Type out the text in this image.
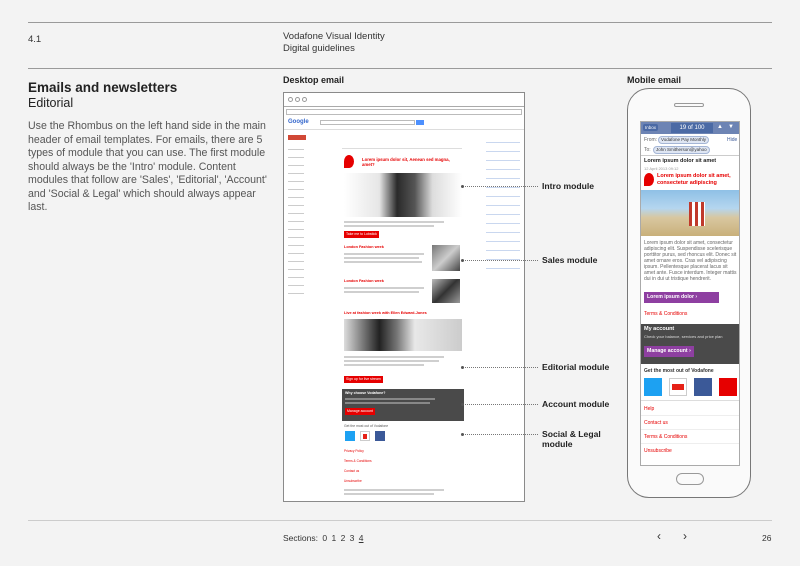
4.1	Vodafone Visual Identity
Digital guidelines
Emails and newsletters
Editorial

Use the Rhombus on the left hand side in the main header of email templates. For emails, there are 5 types of module that you can use. The first module should always be the 'Intro' module. Content modules that follow are 'Sales', 'Editorial', 'Account' and 'Social & Legal' which should always appear last.

Desktop email	Mobile email
Google
Lorem ipsum dolor sit, Aenean sed magna, amet?
Take me to Lobstick
London Fashion week
London Fashion week
Live at fashion week with Ellen Edward-Jones
Sign up for live stream
Why choose Vodafone?
Manage account
Get the most out of Vodafone
Privacy Policy
Terms & Conditions
Contact us
Unsubscribe
Intro module
Sales module
Editorial module
Account module
Social & Legal
module
Inbox	19 of 100	▲ ▼
From: Vodafone Pay Monthly	Hide
To:	John Smitherson@yahoo
Lorem ipsum dolor sit amet
12 April 2013 09:12
Lorem ipsum dolor sit amet, consectetur adipiscing
Lorem ipsum dolor sit amet, consectetur adipiscing elit. Suspendisse scelerisque porttitor purus, sed rhoncus elit. Donec sit amet ornare eros. Cras vel adipiscing ipsum. Pellentesque placerat lacus sit amet ante. Fusce interdum. Integer mattis dui in dui ut tristique hendrerit.
Lorem ipsum dolor ›
Terms & Conditions
My account
Check your balance, services and price plan
Manage account ›
Get the most out of Vodafone
Help
Contact us
Terms & Conditions
Unsubscribe
Sections: 0 1 2 3 4	‹ ›	26
